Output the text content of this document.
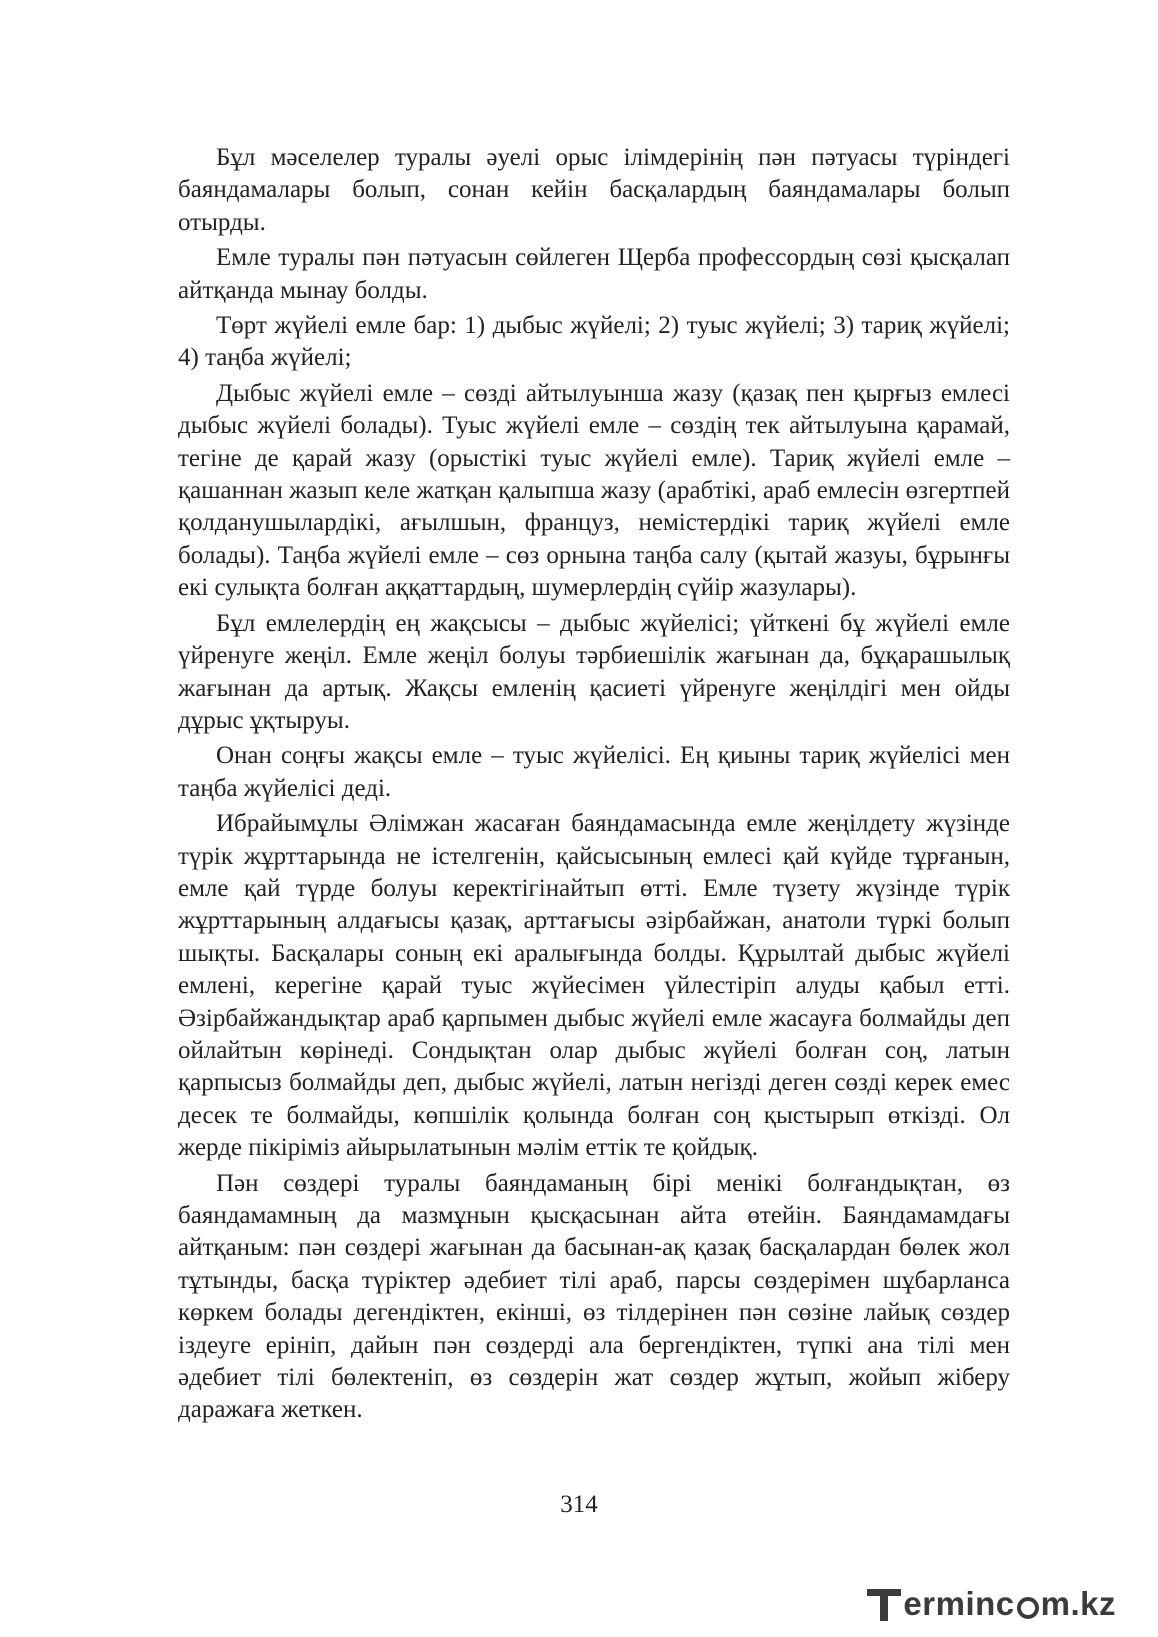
Бұл мәселелер туралы әуелі орыс ілімдерінің пән пәтуасы түріндегі баяндамалары болып, сонан кейін басқалардың баяндамалары болып отырды.

Емле туралы пән пәтуасын сөйлеген Щерба профессордың сөзі қысқалап айтқанда мынау болды.

Төрт жүйелі емле бар: 1) дыбыс жүйелі; 2) туыс жүйелі; 3) тариқ жүйелі; 4) таңба жүйелі;

Дыбыс жүйелі емле – сөзді айтылуынша жазу (қазақ пен қырғыз емлесі дыбыс жүйелі болады). Туыс жүйелі емле – сөздің тек айтылуына қарамай, тегіне де қарай жазу (орыстікі туыс жүйелі емле). Тариқ жүйелі емле – қашаннан жазып келе жатқан қалыпша жазу (арабтікі, араб емлесін өзгертпей қолданушылардікі, ағылшын, француз, немістердікі тариқ жүйелі емле болады). Таңба жүйелі емле – сөз орнына таңба салу (қытай жазуы, бұрынғы екі сулықта болған аққаттардың, шумерлердің сүйір жазулары).

Бұл емлелердің ең жақсысы – дыбыс жүйелісі; үйткені бұ жүйелі емле үйренуге жеңіл. Емле жеңіл болуы тәрбиешілік жағынан да, бұқарашылық жағынан да артық. Жақсы емленің қасиеті үйренуге жеңілдігі мен ойды дұрыс ұқтыруы.

Онан соңғы жақсы емле – туыс жүйелісі. Ең қиыны тариқ жүйелісі мен таңба жүйелісі деді.

Ибрайымұлы Әлімжан жасаған баяндамасында емле жеңілдету жүзінде түрік жұрттарында не істелгенін, қайсысының емлесі қай күйде тұрғанын, емле қай түрде болуы керектігінайтып өтті. Емле түзету жүзінде түрік жұрттарының алдағысы қазақ, арттағысы әзірбайжан, анатоли түркі болып шықты. Басқалары соның екі аралығында болды. Құрылтай дыбыс жүйелі емлені, керегіне қарай туыс жүйесімен үйлестіріп алуды қабыл етті. Әзірбайжандықтар араб қарпымен дыбыс жүйелі емле жасауға болмайды деп ойлайтын көрінеді. Сондықтан олар дыбыс жүйелі болған соң, латын қарпысыз болмайды деп, дыбыс жүйелі, латын негізді деген сөзді керек емес десек те болмайды, көпшілік қолында болған соң қыстырып өткізді. Ол жерде пікіріміз айырылатынын мәлім еттік те қойдық.

Пән сөздері туралы баяндаманың бірі менікі болғандықтан, өз баяндамамның да мазмұнын қысқасынан айта өтейін. Баяндамамдағы айтқаным: пән сөздері жағынан да басынан-ақ қазақ басқалардан бөлек жол тұтынды, басқа түріктер әдебиет тілі араб, парсы сөздерімен шұбарланса көркем болады дегендіктен, екінші, өз тілдерінен пән сөзіне лайық сөздер іздеуге ерініп, дайын пән сөздерді ала бергендіктен, түпкі ана тілі мен әдебиет тілі бөлектеніп, өз сөздерін жат сөздер жұтып, жойып жіберу даражаға жеткен.

314
erminc m.kz
